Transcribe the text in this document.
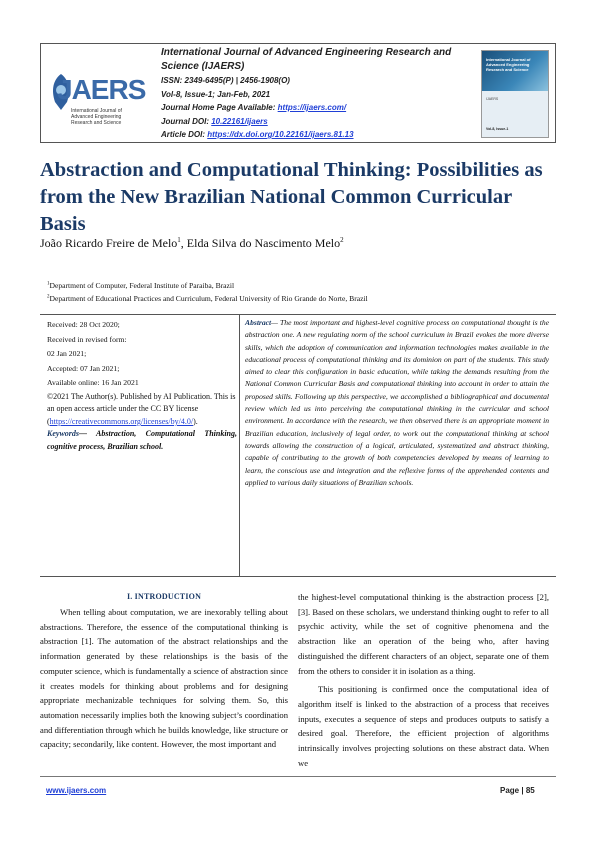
JAERS
International Journal of Advanced Engineering Research and Science
International Journal of Advanced Engineering Research and Science (IJAERS)
ISSN: 2349-6495(P) | 2456-1908(O)
Vol-8, Issue-1; Jan-Feb, 2021
Journal Home Page Available: https://ijaers.com/
Journal DOI: 10.22161/ijaers
Article DOI: https://dx.doi.org/10.22161/ijaers.81.13
International Journal of Advanced Engineering Research and Science
IJAERS
Vol-8, Issue-1
Abstraction and Computational Thinking: Possibilities as from the New Brazilian National Common Curricular Basis

João Ricardo Freire de Melo$^1$, Elda Silva do Nascimento Melo$^2$

$^1$Department of Computer, Federal Institute of Paraiba, Brazil

$^2$Department of Educational Practices and Curriculum, Federal University of Rio Grande do Norte, Brazil

Received: 28 Oct 2020;

Received in revised form:

02 Jan 2021;

Accepted: 07 Jan 2021;

Available online: 16 Jan 2021

©2021 The Author(s). Published by AI Publication. This is an open access article under the CC BY license (https://creativecommons.org/licenses/by/4.0/).

Keywords— Abstraction, Computational Thinking, cognitive process, Brazilian school.

Abstract— The most important and highest-level cognitive process on computational thought is the abstraction one. A new regulating norm of the school curriculum in Brazil evokes the more diverse skills, which the adoption of communication and information technologies makes available in the educational process of computational thinking and its dominion on part of the students. This study aimed to clear this configuration in basic education, while taking the demands resulting from the National Common Curricular Basis and computational thinking into account in order to attain the proposed skills. Following up this perspective, we accomplished a bibliographical and documental review which led us into perceiving the computational thinking in the curricular and school environment. In accordance with the research, we then observed there is an appropriate moment in Brazilian education, inclusively of legal order, to work out the computational thinking at school towards allowing the construction of a logical, articulated, systematized and abstract thinking, capable of contributing to the growth of both competencies developed by means of learning to learn, the conscious use and integration and the reflexive forms of the apprehended contents and applied to various daily situations of Brazilian schools.

I. INTRODUCTION

When telling about computation, we are inexorably telling about abstractions. Therefore, the essence of the computational thinking is abstraction [1]. The automation of the abstract relationships and the information generated by these relationships is the basis of the computer science, which is fundamentally a science of abstraction since it creates models for thinking about problems and for designing appropriate mechanizable techniques for solving them. So, this automation necessarily implies both the knowing subject’s coordination and differentiation through which he builds knowledge, like structure or capacity; secondarily, like content. However, the most important and

the highest-level computational thinking is the abstraction process [2], [3]. Based on these scholars, we understand thinking ought to refer to all psychic activity, while the set of cognitive phenomena and the abstraction like an operation of the being who, after having distinguished the different characters of an object, separate one of them from the others to consider it in isolation as a thing.

This positioning is confirmed once the computational idea of algorithm itself is linked to the abstraction of a process that receives inputs, executes a sequence of steps and produces outputs to satisfy a desired goal. Therefore, the efficient projection of algorithms intrinsically involves projecting solutions on these abstract data. When we

www.ijaers.com	Page | 85
